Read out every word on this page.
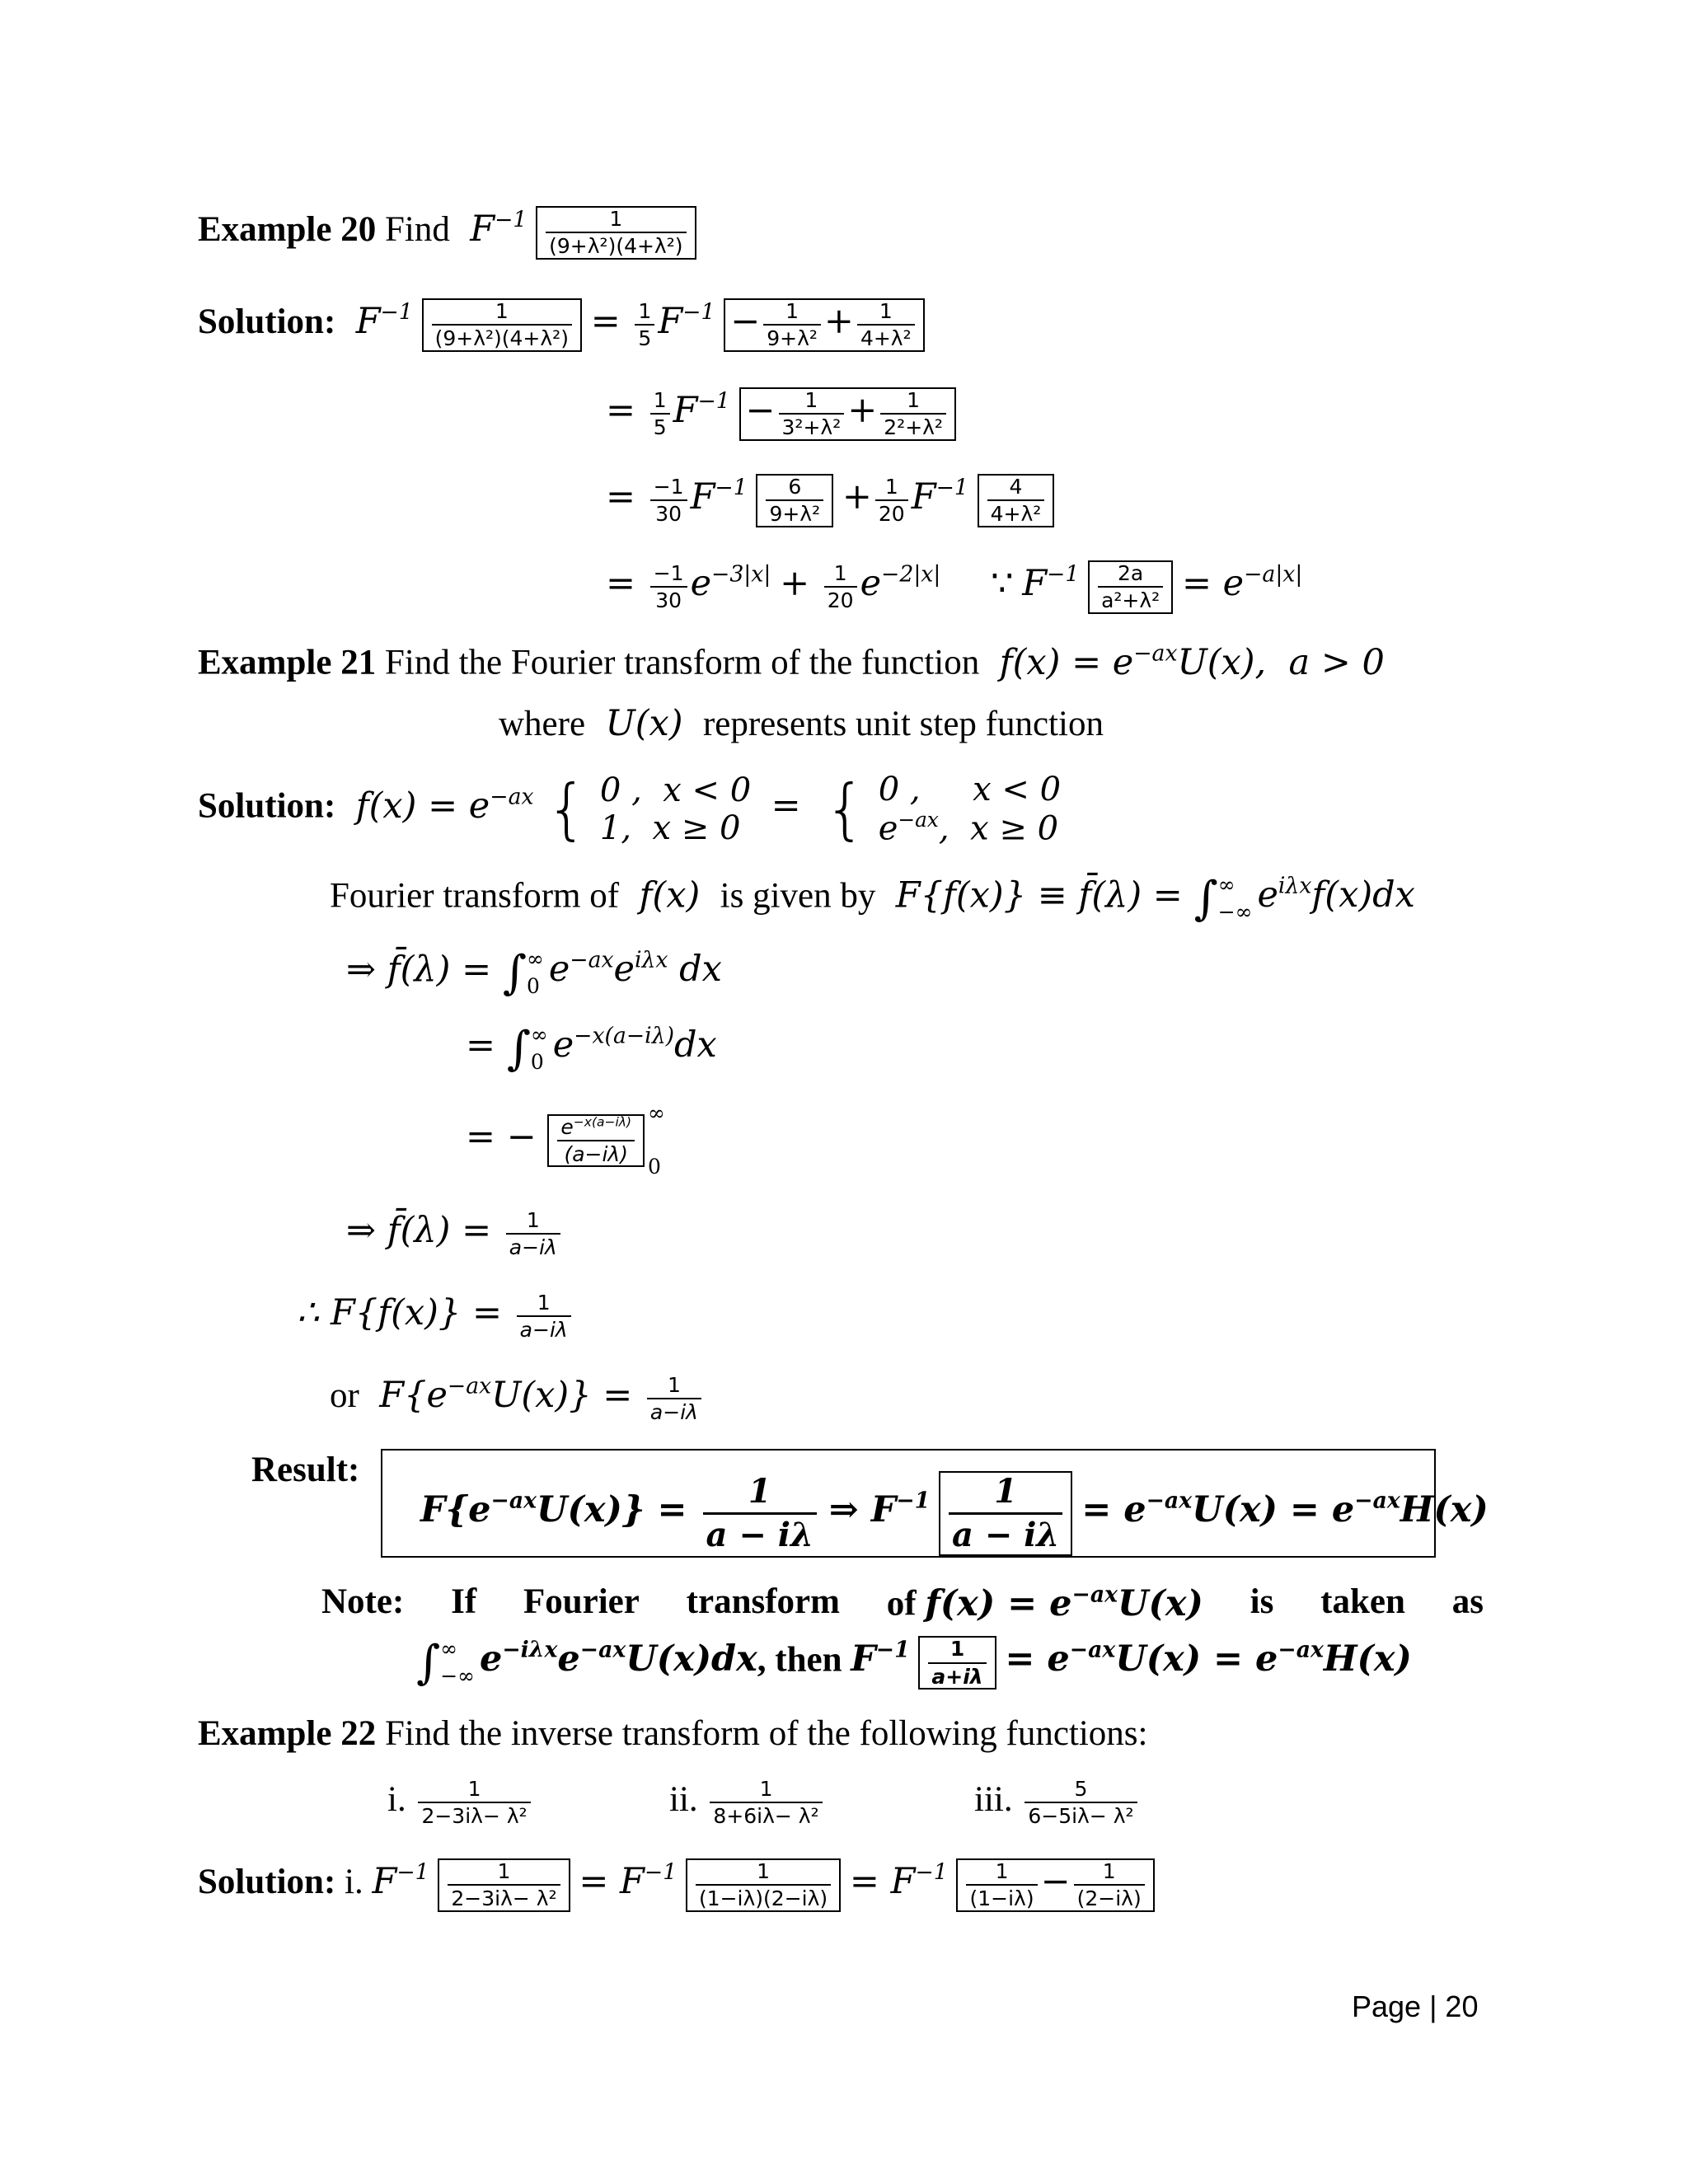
Example 20 Find  $F^{-1} \frac{1}{\text{(9+λ²)(4+λ²)}}$
Solution:  $F^{-1} \frac{1}{\text{(9+λ²)(4+λ²)}} = \frac{1}{5} F^{-1} - \frac{1}{\text{9+λ²}} + \frac{1}{\text{4+λ²}}$
= $\frac{1}{5} F^{-1} - \frac{1}{\text{3²+λ²}} + \frac{1}{\text{2²+λ²}}$
= $\frac{-1}{30} F^{-1} \frac{6}{\text{9+λ²}} + \frac{1}{20} F^{-1} \frac{4}{\text{4+λ²}}$
= $\frac{-1}{30} e^{-3|x|} + \frac{1}{20} e^{-2|x|}$ ∵ $F^{-1} \frac{2a}{\text{a²+λ²}} = e^{-a|x|}$
Example 21 Find the Fourier transform of the function  $f(x) = e^{-ax}U(x)$,  a > 0
where  U(x)  represents unit step function
Solution:  $f(x) = e^{-ax}$ { 0 ,  x < 0
1,  x ≥ 0
=  { 0 ,     x < 0
$e^{-ax}$,  x ≥ 0
Fourier transform of  f(x)  is given by  F{f(x)} ≡ f̄(λ) = ∫ ∞
−∞ $e^{i\lambda x}f(x)dx$
⇒ f̄(λ) = ∫ ∞
0 $e^{-ax}e^{i\lambda x}$ dx
= ∫ ∞
0 $e^{-x(a-i\lambda)}dx$
= − $\frac{e^{-x(a-i\lambda)}}{(a-i\lambda)}$
∞

0
⇒ f̄(λ) = $\frac{1}{a-i\lambda}$
∴ $F\{f(x)\} = \frac{1}{a-i\lambda}$
or  $F\{e^{-ax}U(x)\} = \frac{1}{a-i\lambda}$
Result:
$F\{e^{-ax}U(x)\} = \frac{1}{a - i\lambda}$ ⇒ $F^{-1} \frac{1}{a - i\lambda} = e^{-ax}U(x) = e^{-ax}H(x)$
Note: If Fourier transform of $f(x) = e^{-ax}U(x)$ is taken as
∫ ∞
−∞ $e^{-i\lambda x}e^{-ax}U(x)dx$, then $F^{-1} \frac{1}{a+i\lambda} = e^{-ax}U(x) = e^{-ax}H(x)$
Example 22 Find the inverse transform of the following functions:
i. $\frac{1}{\text{2−3iλ− λ²}}$	ii. $\frac{1}{\text{8+6iλ− λ²}}$	iii. $\frac{5}{\text{6−5iλ− λ²}}$
Solution: i. $F^{-1} \frac{1}{\text{2−3iλ− λ²}} = F^{-1} \frac{1}{(1-i\lambda)(2-i\lambda)} = F^{-1} \frac{1}{(1-i\lambda)} - \frac{1}{(2-i\lambda)}$
Page | 20
